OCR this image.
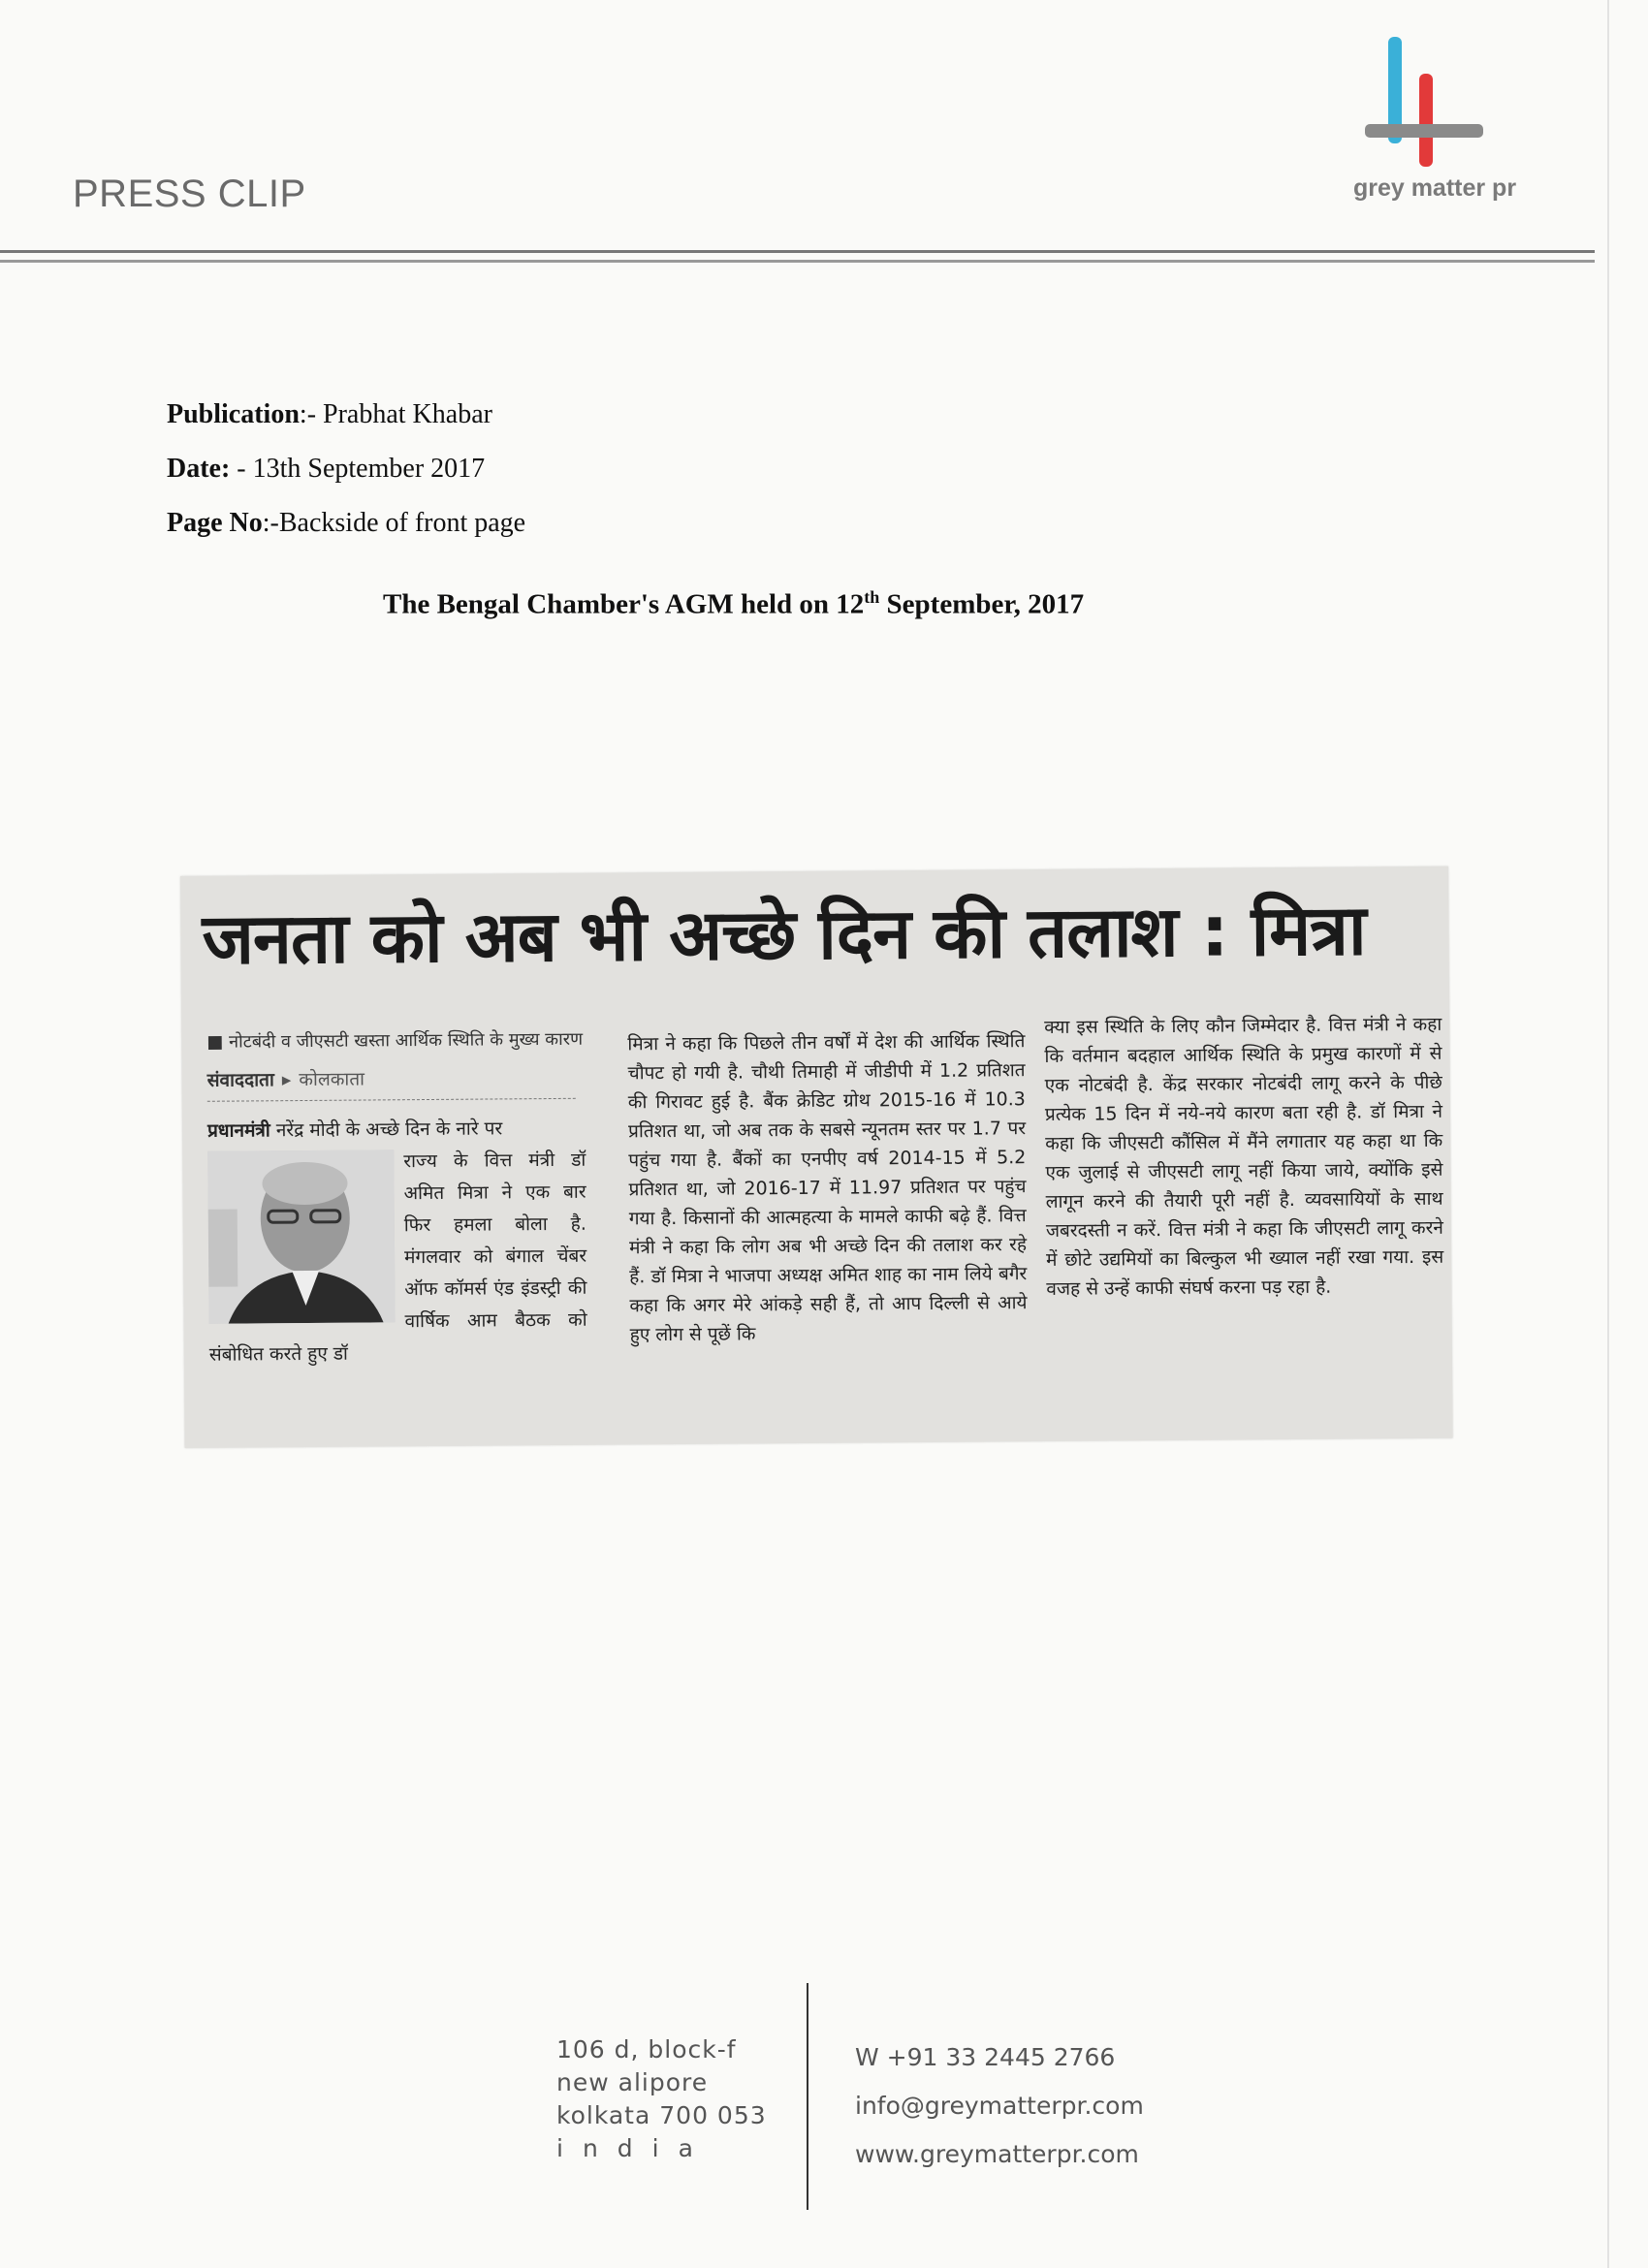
PRESS CLIP	grey matter pr
Publication:- Prabhat Khabar
Date: - 13th September 2017
Page No:-Backside of front page
The Bengal Chamber's AGM held on 12th September, 2017
जनता को अब भी अच्छे दिन की तलाश : मित्रा
■ नोटबंदी व जीएसटी खस्ता आर्थिक स्थिति के मुख्य कारण
संवाददाता ▸ कोलकाता
प्रधानमंत्री नरेंद्र मोदी के अच्छे दिन के नारे पर
राज्य के वित्त मंत्री डॉ अमित मित्रा ने एक बार फिर हमला बोला है. मंगलवार को बंगाल चेंबर ऑफ कॉमर्स एंड इंडस्ट्री की वार्षिक आम बैठक को संबोधित करते हुए डॉ
मित्रा ने कहा कि पिछले तीन वर्षों में देश की आर्थिक स्थिति चौपट हो गयी है. चौथी तिमाही में जीडीपी में 1.2 प्रतिशत की गिरावट हुई है. बैंक क्रेडिट ग्रोथ 2015-16 में 10.3 प्रतिशत था, जो अब तक के सबसे न्यूनतम स्तर पर 1.7 पर पहुंच गया है. बैंकों का एनपीए वर्ष 2014-15 में 5.2 प्रतिशत था, जो 2016-17 में 11.97 प्रतिशत पर पहुंच गया है. किसानों की आत्महत्या के मामले काफी बढ़े हैं. वित्त मंत्री ने कहा कि लोग अब भी अच्छे दिन की तलाश कर रहे हैं. डॉ मित्रा ने भाजपा अध्यक्ष अमित शाह का नाम लिये बगैर कहा कि अगर मेरे आंकड़े सही हैं, तो आप दिल्ली से आये हुए लोग से पूछें कि
क्या इस स्थिति के लिए कौन जिम्मेदार है. वित्त मंत्री ने कहा कि वर्तमान बदहाल आर्थिक स्थिति के प्रमुख कारणों में से एक नोटबंदी है. केंद्र सरकार नोटबंदी लागू करने के पीछे प्रत्येक 15 दिन में नये-नये कारण बता रही है. डॉ मित्रा ने कहा कि जीएसटी कौंसिल में मैंने लगातार यह कहा था कि एक जुलाई से जीएसटी लागू नहीं किया जाये, क्योंकि इसे लागून करने की तैयारी पूरी नहीं है. व्यवसायियों के साथ जबरदस्ती न करें. वित्त मंत्री ने कहा कि जीएसटी लागू करने में छोटे उद्यमियों का बिल्कुल भी ख्याल नहीं रखा गया. इस वजह से उन्हें काफी संघर्ष करना पड़ रहा है.
106 d, block-f
new alipore
kolkata 700 053
india
W +91 33 2445 2766
info@greymatterpr.com
www.greymatterpr.com
